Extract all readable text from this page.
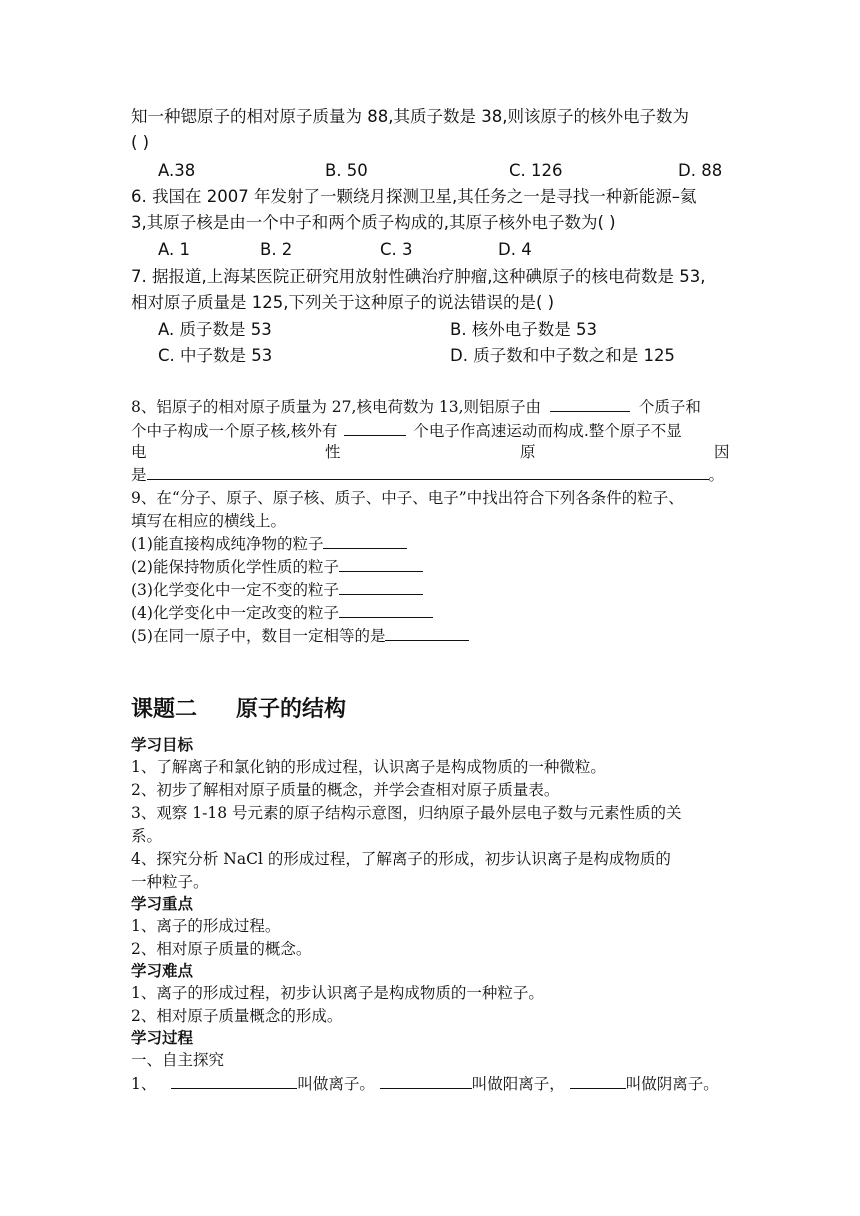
知一种锶原子的相对原子质量为 88,其质子数是 38,则该原子的核外电子数为
( )
A.38	B. 50	C. 126	D. 88
6. 我国在 2007 年发射了一颗绕月探测卫星,其任务之一是寻找一种新能源–氦
3,其原子核是由一个中子和两个质子构成的,其原子核外电子数为( )
A. 1	B. 2	C. 3	D. 4
7. 据报道,上海某医院正研究用放射性碘治疗肿瘤,这种碘原子的核电荷数是 53,
相对原子质量是 125,下列关于这种原子的说法错误的是( )
A. 质子数是 53	B. 核外电子数是 53
C. 中子数是 53	D. 质子数和中子数之和是 125
8、铝原子的相对原子质量为 27,核电荷数为 13,则铝原子由	个质子和
个中子构成一个原子核,核外有	个电子作高速运动而构成.整个原子不显
电	性	原	因
是	。
9、在“分子、原子、原子核、质子、中子、电子”中找出符合下列各条件的粒子、
填写在相应的横线上。
(1)能直接构成纯净物的粒子
(2)能保持物质化学性质的粒子
(3)化学变化中一定不变的粒子
(4)化学变化中一定改变的粒子
(5)在同一原子中，数目一定相等的是
课题二 原子的结构
学习目标
1、了解离子和氯化钠的形成过程，认识离子是构成物质的一种微粒。
2、初步了解相对原子质量的概念，并学会查相对原子质量表。
3、观察 1-18 号元素的原子结构示意图，归纳原子最外层电子数与元素性质的关
系。
4、探究分析 NaCl 的形成过程，了解离子的形成，初步认识离子是构成物质的
一种粒子。
学习重点
1、离子的形成过程。
2、相对原子质量的概念。
学习难点
1、离子的形成过程，初步认识离子是构成物质的一种粒子。
2、相对原子质量概念的形成。
学习过程
一、自主探究
1、	叫做离子。	叫做阳离子，	叫做阴离子。
